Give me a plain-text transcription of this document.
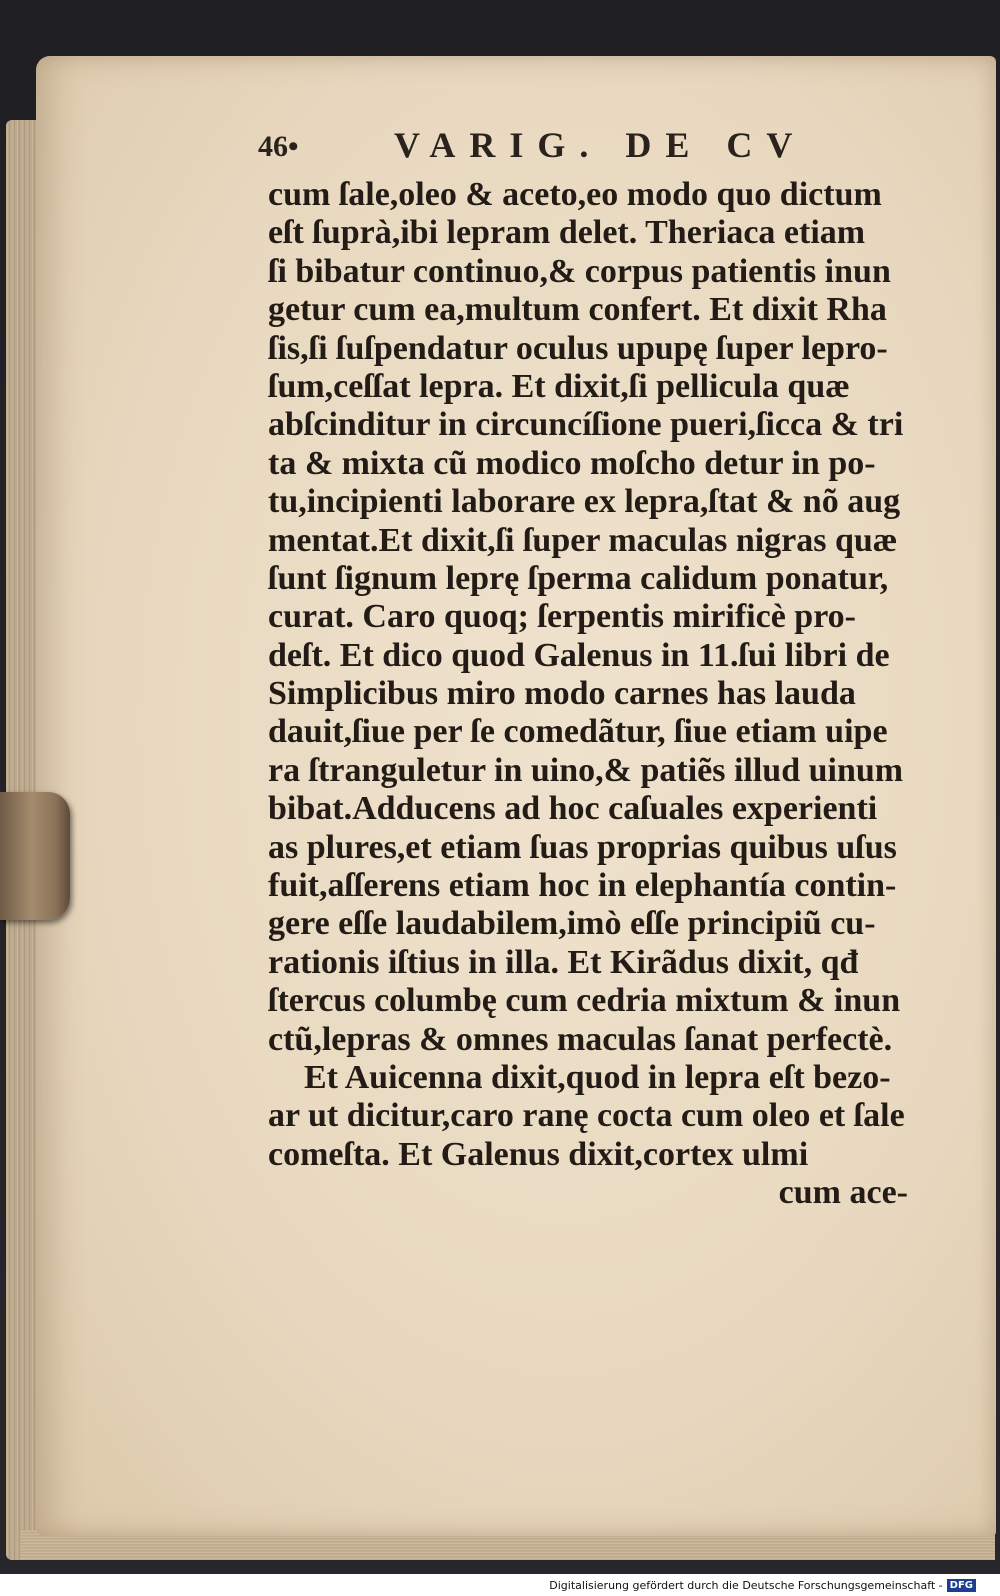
46•	VARIG. DE CV
cum ſale,oleo & aceto,eo modo quo dictum
eſt ſuprà,ibi lepram delet. Theriaca etiam
ſi bibatur continuo,& corpus patientis inun
getur cum ea,multum confert. Et dixit Rha
ſis,ſi ſuſpendatur oculus upupę ſuper lepro-
ſum,ceſſat lepra. Et dixit,ſi pellicula quæ
abſcinditur in circuncíſione pueri,ſicca & tri
ta & mixta cũ modico moſcho detur in po-
tu,incipienti laborare ex lepra,ſtat & nõ aug
mentat.Et dixit,ſi ſuper maculas nigras quæ
ſunt ſignum leprę ſperma calidum ponatur,
curat. Caro quoq; ſerpentis mirificè pro-
deſt. Et dico quod Galenus in 11.ſui libri de
Simplicibus miro modo carnes has lauda
dauit,ſiue per ſe comedãtur, ſiue etiam uipe
ra ſtranguletur in uino,& patiẽs illud uinum
bibat.Adducens ad hoc caſuales experienti
as plures,et etiam ſuas proprias quibus uſus
fuit,aſſerens etiam hoc in elephantía contin-
gere eſſe laudabilem,imò eſſe principiũ cu-
rationis iſtius in illa. Et Kirãdus dixit, qđ
ſtercus columbę cum cedria mixtum & inun
ctũ,lepras & omnes maculas ſanat perfectè.
Et Auicenna dixit,quod in lepra eſt bezo-
ar ut dicitur,caro ranę cocta cum oleo et ſale
comeſta. Et Galenus dixit,cortex ulmi
cum ace-
Digitalisierung gefördert durch die Deutsche Forschungsgemeinschaft - DFG
